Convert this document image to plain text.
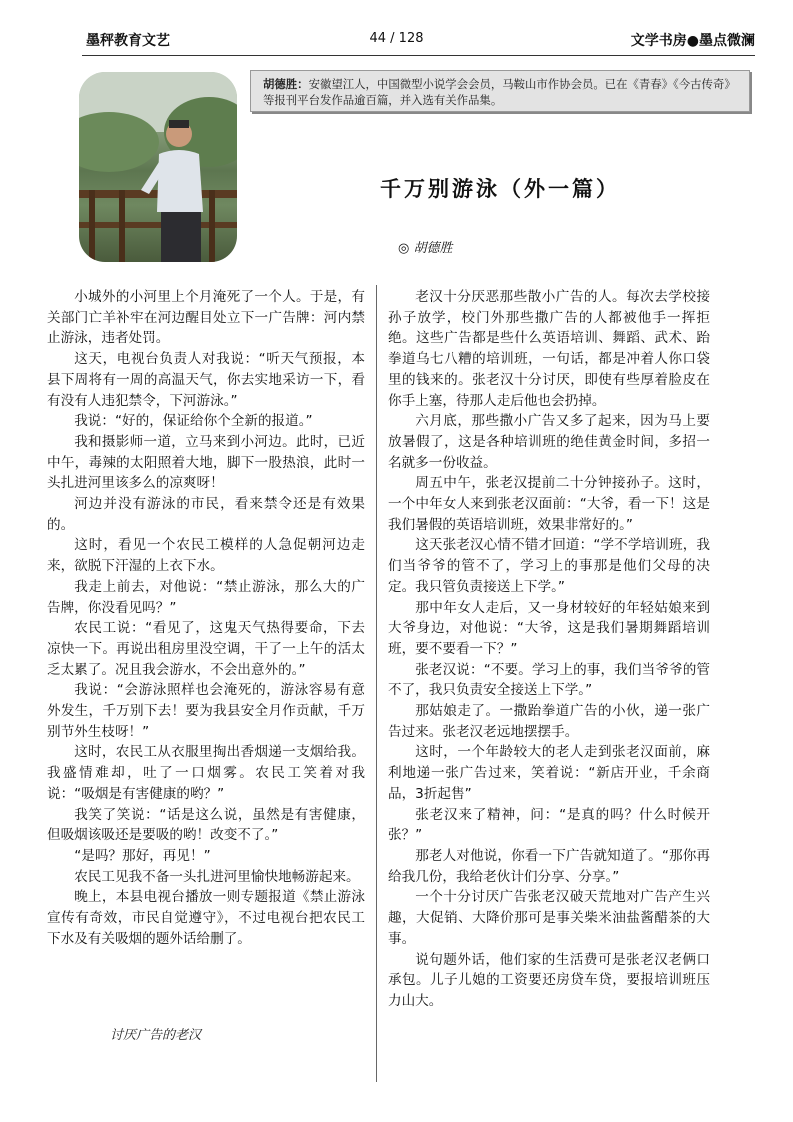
墨秤教育文艺	44 / 128	文学书房●墨点微澜
胡德胜：安徽望江人，中国微型小说学会会员，马鞍山市作协会员。已在《青春》《今古传奇》等报刊平台发作品逾百篇，并入选有关作品集。
千万别游泳（外一篇）
◎ 胡德胜

小城外的小河里上个月淹死了一个人。于是，有关部门亡羊补牢在河边醒目处立下一广告牌：河内禁止游泳，违者处罚。

这天，电视台负责人对我说：“听天气预报，本县下周将有一周的高温天气，你去实地采访一下，看有没有人违犯禁令，下河游泳。”

我说：“好的，保证给你个全新的报道。”

我和摄影师一道，立马来到小河边。此时，已近中午，毒辣的太阳照着大地，脚下一股热浪，此时一头扎进河里该多么的凉爽呀！

河边并没有游泳的市民，看来禁令还是有效果的。

这时，看见一个农民工模样的人急促朝河边走来，欲脱下汗湿的上衣下水。

我走上前去，对他说：“禁止游泳，那么大的广告牌，你没看见吗？”

农民工说：“看见了，这鬼天气热得要命，下去凉快一下。再说出租房里没空调，干了一上午的活太乏太累了。况且我会游水，不会出意外的。”

我说：“会游泳照样也会淹死的，游泳容易有意外发生，千万别下去！要为我县安全月作贡献，千万别节外生枝呀！”

这时，农民工从衣服里掏出香烟递一支烟给我。我盛情难却，吐了一口烟雾。农民工笑着对我说：“吸烟是有害健康的哟？”

我笑了笑说：“话是这么说，虽然是有害健康，但吸烟该吸还是要吸的哟！改变不了。”

“是吗？那好，再见！”

农民工见我不备一头扎进河里愉快地畅游起来。

晚上，本县电视台播放一则专题报道《禁止游泳宣传有奇效，市民自觉遵守》，不过电视台把农民工下水及有关吸烟的题外话给删了。

讨厌广告的老汉

老汉十分厌恶那些散小广告的人。每次去学校接孙子放学，校门外那些撒广告的人都被他手一挥拒绝。这些广告都是些什么英语培训、舞蹈、武术、跆拳道乌七八糟的培训班，一句话，都是冲着人你口袋里的钱来的。张老汉十分讨厌，即使有些厚着脸皮在你手上塞，待那人走后他也会扔掉。

六月底，那些撒小广告又多了起来，因为马上要放暑假了，这是各种培训班的绝佳黄金时间，多招一名就多一份收益。

周五中午，张老汉提前二十分钟接孙子。这时，一个中年女人来到张老汉面前：“大爷，看一下！这是我们暑假的英语培训班，效果非常好的。”

这天张老汉心情不错才回道：“学不学培训班，我们当爷爷的管不了，学习上的事那是他们父母的决定。我只管负责接送上下学。”

那中年女人走后，又一身材较好的年轻姑娘来到大爷身边，对他说：“大爷，这是我们暑期舞蹈培训班，要不要看一下？”

张老汉说：“不要。学习上的事，我们当爷爷的管不了，我只负责安全接送上下学。”

那姑娘走了。一撒跆拳道广告的小伙，递一张广告过来。张老汉老远地摆摆手。

这时，一个年龄较大的老人走到张老汉面前，麻利地递一张广告过来，笑着说：“新店开业，千余商品，3折起售”

张老汉来了精神，问：“是真的吗？什么时候开张？”

那老人对他说，你看一下广告就知道了。“那你再给我几份，我给老伙计们分享、分享。”

一个十分讨厌广告张老汉破天荒地对广告产生兴趣，大促销、大降价那可是事关柴米油盐酱醋茶的大事。

说句题外话，他们家的生活费可是张老汉老俩口承包。儿子儿媳的工资要还房贷车贷，要报培训班压力山大。
